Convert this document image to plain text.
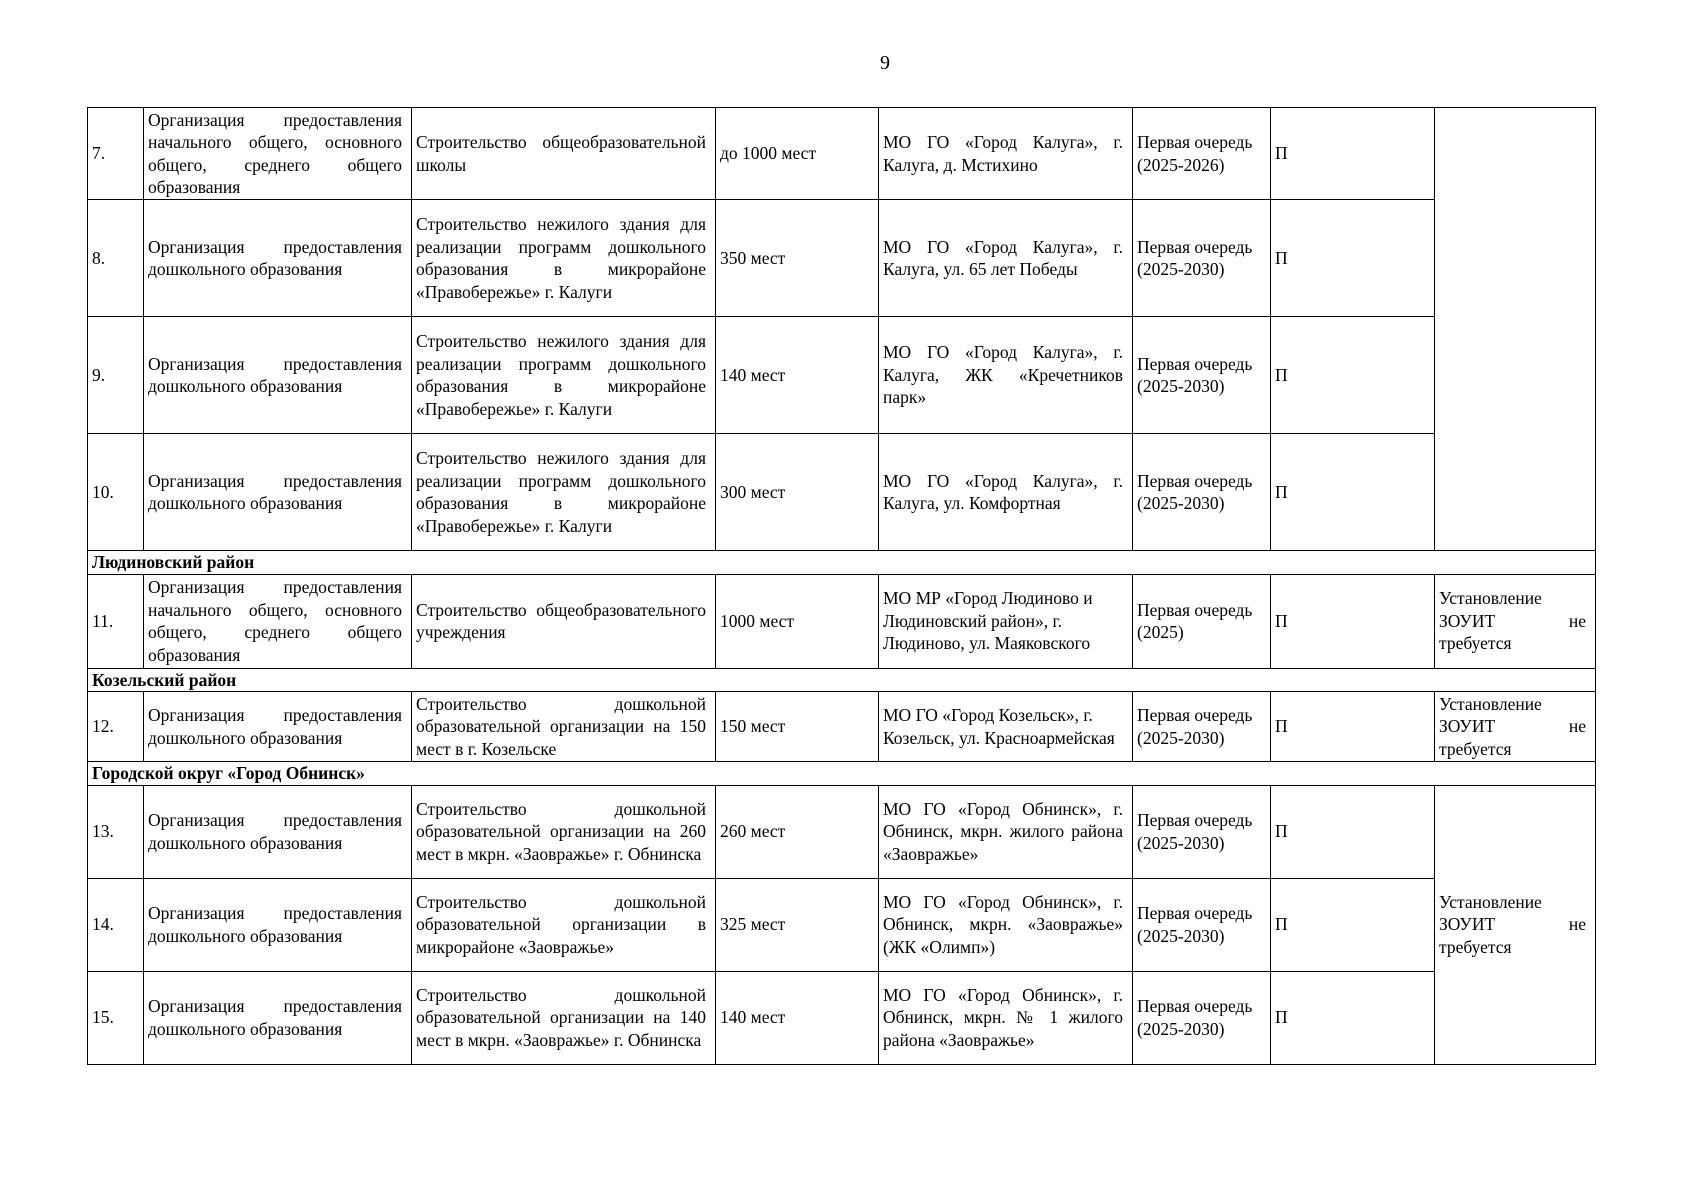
9
7.	Организация предоставления начального общего, основного общего, среднего общего образования	Строительство общеобразовательной школы	до 1000 мест	МО ГО «Город Калуга», г. Калуга, д. Мстихино	Первая очередь (2025-2026)	П	
8.	Организация предоставления дошкольного образования	Строительство нежилого здания для реализации программ дошкольного образования в микрорайоне «Правобережье» г. Калуги	350 мест	МО ГО «Город Калуга», г. Калуга, ул. 65 лет Победы	Первая очередь (2025-2030)	П	
9.	Организация предоставления дошкольного образования	Строительство нежилого здания для реализации программ дошкольного образования в микрорайоне «Правобережье» г. Калуги	140 мест	МО ГО «Город Калуга», г. Калуга, ЖК «Кречетников парк»	Первая очередь (2025-2030)	П	
10.	Организация предоставления дошкольного образования	Строительство нежилого здания для реализации программ дошкольного образования в микрорайоне «Правобережье» г. Калуги	300 мест	МО ГО «Город Калуга», г. Калуга, ул. Комфортная	Первая очередь (2025-2030)	П	
Людиновский район							
11.	Организация предоставления начального общего, основного общего, среднего общего образования	Строительство общеобразовательного учреждения	1000 мест	МО МР «Город Людиново и Людиновский район», г. Людиново, ул. Маяковского	Первая очередь (2025)	П	Установление ЗОУИТ не требуется
Козельский район							
12.	Организация предоставления дошкольного образования	Строительство дошкольной образовательной организации на 150 мест в г. Козельске	150 мест	МО ГО «Город Козельск», г. Козельск, ул. Красноармейская	Первая очередь (2025-2030)	П	Установление ЗОУИТ не требуется
Городской округ «Город Обнинск»							
13.	Организация предоставления дошкольного образования	Строительство дошкольной образовательной организации на 260 мест в мкрн. «Заовражье» г. Обнинска	260 мест	МО ГО «Город Обнинск», г. Обнинск, мкрн. жилого района «Заовражье»	Первая очередь (2025-2030)	П	Установление ЗОУИТ не требуется
14.	Организация предоставления дошкольного образования	Строительство дошкольной образовательной организации в микрорайоне «Заовражье»	325 мест	МО ГО «Город Обнинск», г. Обнинск, мкрн. «Заовражье» (ЖК «Олимп»)	Первая очередь (2025-2030)	П	
15.	Организация предоставления дошкольного образования	Строительство дошкольной образовательной организации на 140 мест в мкрн. «Заовражье» г. Обнинска	140 мест	МО ГО «Город Обнинск», г. Обнинск, мкрн. № 1 жилого района «Заовражье»	Первая очередь (2025-2030)	П	
